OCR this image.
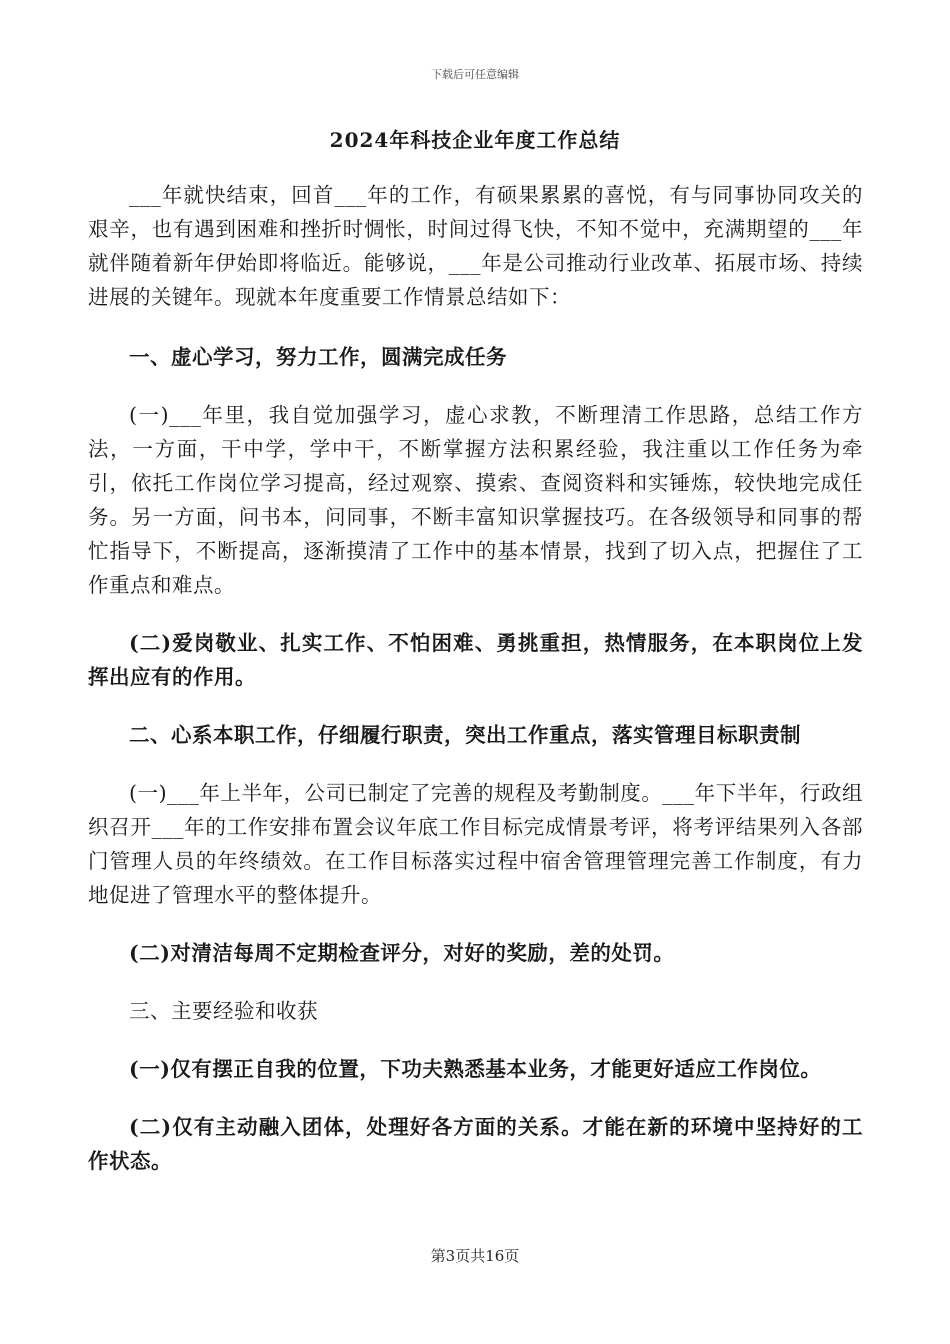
下载后可任意编辑
2024年科技企业年度工作总结

___年就快结束，回首___年的工作，有硕果累累的喜悦，有与同事协同攻关的艰辛，也有遇到困难和挫折时惆怅，时间过得飞快，不知不觉中，充满期望的___年就伴随着新年伊始即将临近。能够说，___年是公司推动行业改革、拓展市场、持续进展的关键年。现就本年度重要工作情景总结如下：

一、虚心学习，努力工作，圆满完成任务

(一)___年里，我自觉加强学习，虚心求教，不断理清工作思路，总结工作方法，一方面，干中学，学中干，不断掌握方法积累经验，我注重以工作任务为牵引，依托工作岗位学习提高，经过观察、摸索、查阅资料和实锤炼，较快地完成任务。另一方面，问书本，问同事，不断丰富知识掌握技巧。在各级领导和同事的帮忙指导下，不断提高，逐渐摸清了工作中的基本情景，找到了切入点，把握住了工作重点和难点。

(二)爱岗敬业、扎实工作、不怕困难、勇挑重担，热情服务，在本职岗位上发挥出应有的作用。

二、心系本职工作，仔细履行职责，突出工作重点，落实管理目标职责制

(一)___年上半年，公司已制定了完善的规程及考勤制度。___年下半年，行政组织召开___年的工作安排布置会议年底工作目标完成情景考评，将考评结果列入各部门管理人员的年终绩效。在工作目标落实过程中宿舍管理管理完善工作制度，有力地促进了管理水平的整体提升。

(二)对清洁每周不定期检查评分，对好的奖励，差的处罚。

三、主要经验和收获

(一)仅有摆正自我的位置，下功夫熟悉基本业务，才能更好适应工作岗位。

(二)仅有主动融入团体，处理好各方面的关系。才能在新的环境中坚持好的工作状态。

第3页共16页
